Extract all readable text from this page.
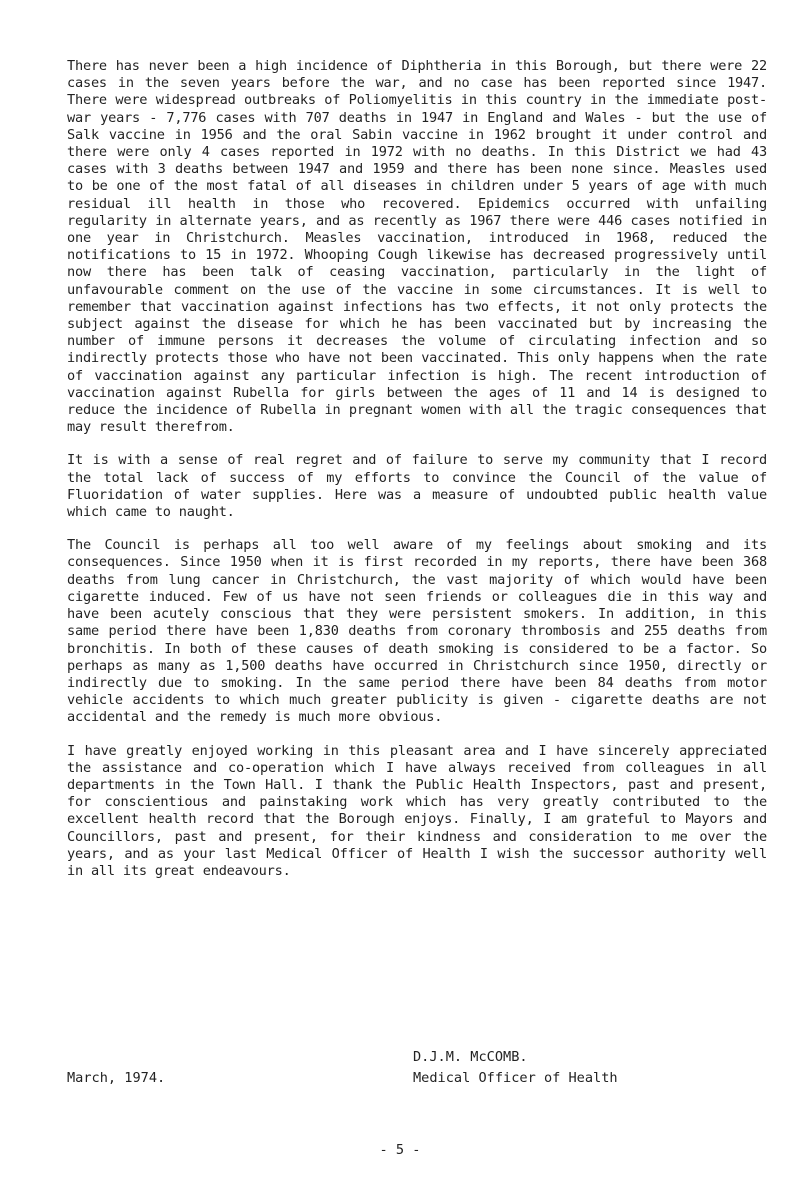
There has never been a high incidence of Diphtheria in this Borough, but there were 22 cases in the seven years before the war, and no case has been reported since 1947. There were widespread outbreaks of Poliomyelitis in this country in the immediate post-war years - 7,776 cases with 707 deaths in 1947 in England and Wales - but the use of Salk vaccine in 1956 and the oral Sabin vaccine in 1962 brought it under control and there were only 4 cases reported in 1972 with no deaths. In this District we had 43 cases with 3 deaths between 1947 and 1959 and there has been none since. Measles used to be one of the most fatal of all diseases in children under 5 years of age with much residual ill health in those who recovered. Epidemics occurred with unfailing regularity in alternate years, and as recently as 1967 there were 446 cases notified in one year in Christchurch. Measles vaccination, introduced in 1968, reduced the notifications to 15 in 1972. Whooping Cough likewise has decreased progressively until now there has been talk of ceasing vaccination, particularly in the light of unfavourable comment on the use of the vaccine in some circumstances. It is well to remember that vaccination against infections has two effects, it not only protects the subject against the disease for which he has been vaccinated but by increasing the number of immune persons it decreases the volume of circulating infection and so indirectly protects those who have not been vaccinated. This only happens when the rate of vaccination against any particular infection is high. The recent introduction of vaccination against Rubella for girls between the ages of 11 and 14 is designed to reduce the incidence of Rubella in pregnant women with all the tragic consequences that may result therefrom.

It is with a sense of real regret and of failure to serve my community that I record the total lack of success of my efforts to convince the Council of the value of Fluoridation of water supplies. Here was a measure of undoubted public health value which came to naught.

The Council is perhaps all too well aware of my feelings about smoking and its consequences. Since 1950 when it is first recorded in my reports, there have been 368 deaths from lung cancer in Christchurch, the vast majority of which would have been cigarette induced. Few of us have not seen friends or colleagues die in this way and have been acutely conscious that they were persistent smokers. In addition, in this same period there have been 1,830 deaths from coronary thrombosis and 255 deaths from bronchitis. In both of these causes of death smoking is considered to be a factor. So perhaps as many as 1,500 deaths have occurred in Christchurch since 1950, directly or indirectly due to smoking. In the same period there have been 84 deaths from motor vehicle accidents to which much greater publicity is given - cigarette deaths are not accidental and the remedy is much more obvious.

I have greatly enjoyed working in this pleasant area and I have sincerely appreciated the assistance and co-operation which I have always received from colleagues in all departments in the Town Hall. I thank the Public Health Inspectors, past and present, for conscientious and painstaking work which has very greatly contributed to the excellent health record that the Borough enjoys. Finally, I am grateful to Mayors and Councillors, past and present, for their kindness and consideration to me over the years, and as your last Medical Officer of Health I wish the successor authority well in all its great endeavours.

D.J.M. McCOMB.
March, 1974.	Medical Officer of Health
- 5 -
